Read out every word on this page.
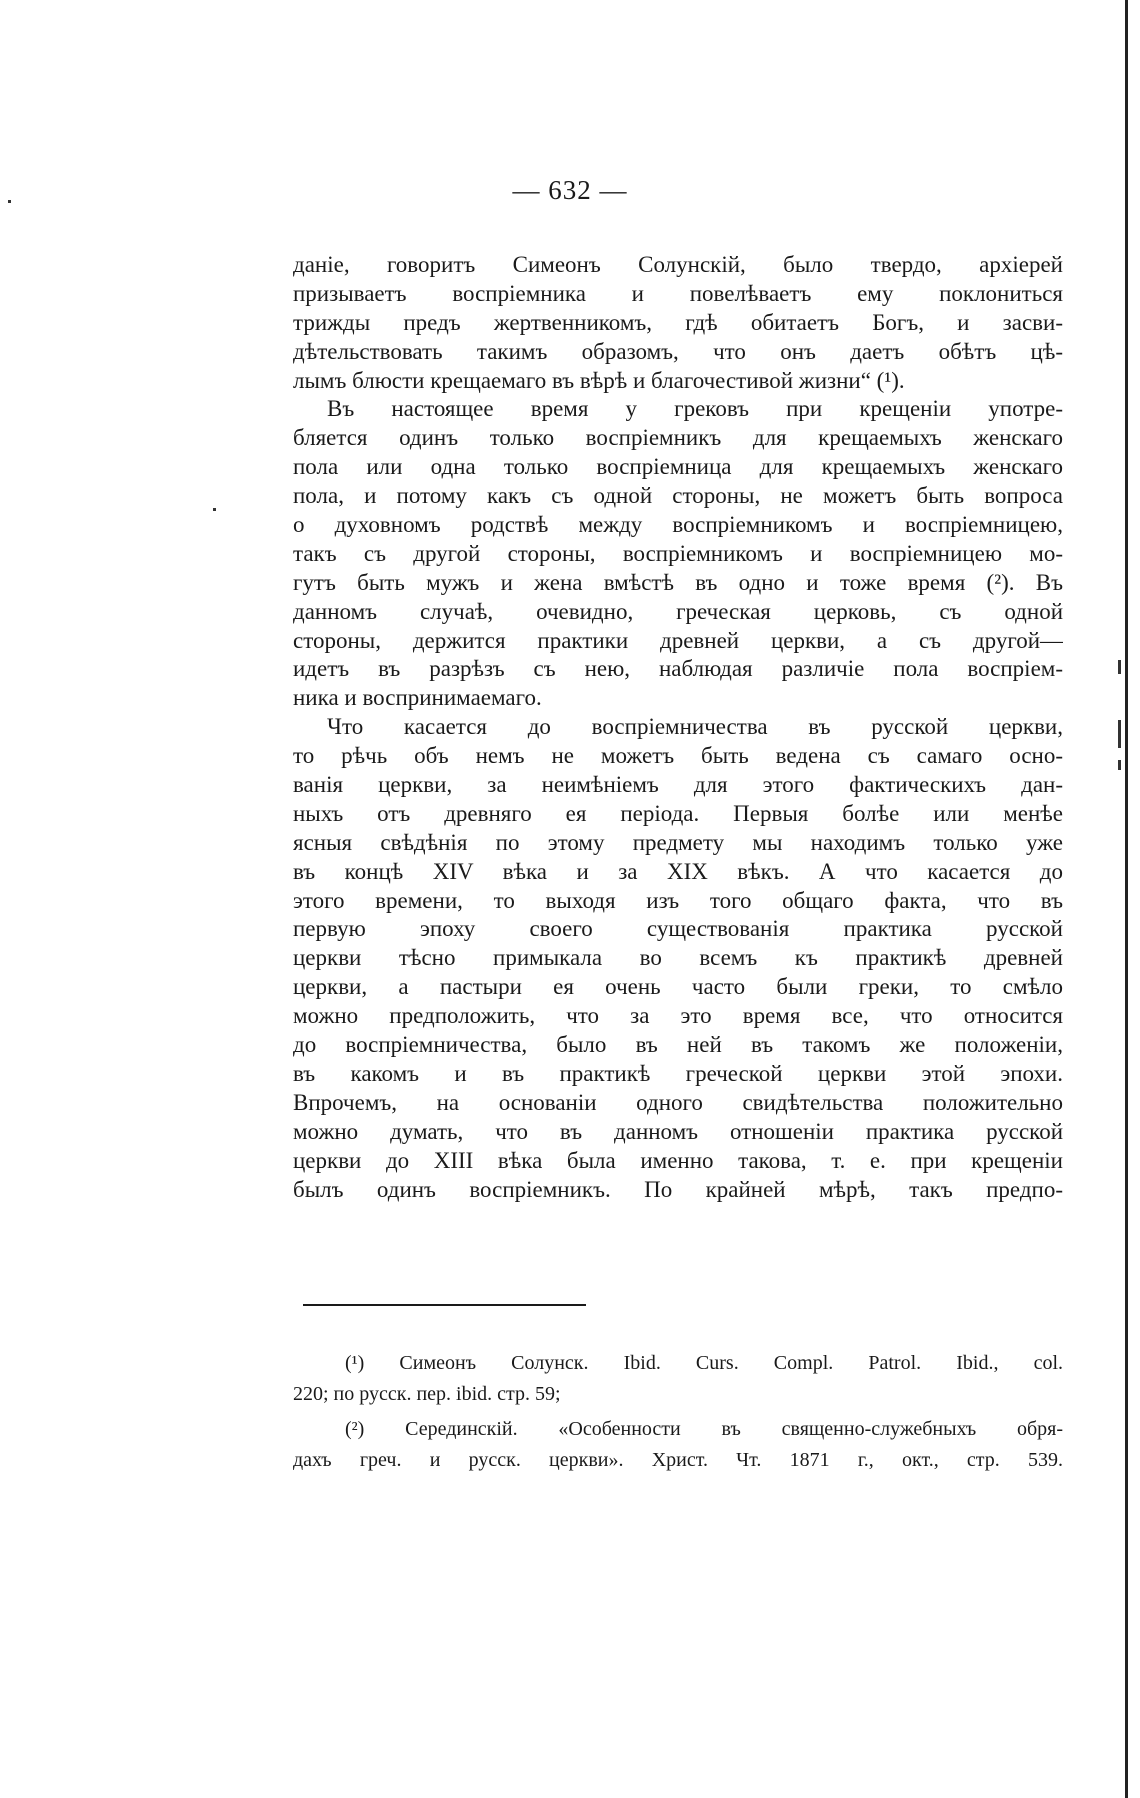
— 632 —
даніе, говоритъ Симеонъ Солунскій, было твердо, архіерей
призываетъ воспріемника и повелѣваетъ ему поклониться
трижды предъ жертвенникомъ, гдѣ обитаетъ Богъ, и засви-
дѣтельствовать такимъ образомъ, что онъ даетъ обѣтъ цѣ-
лымъ блюсти крещаемаго въ вѣрѣ и благочестивой жизни“ (¹).
Въ настоящее время у грековъ при крещеніи употре-
бляется одинъ только воспріемникъ для крещаемыхъ женскаго
пола или одна только воспріемница для крещаемыхъ женскаго
пола, и потому какъ съ одной стороны, не можетъ быть вопроса
о духовномъ родствѣ между воспріемникомъ и воспріемницею,
такъ съ другой стороны, воспріемникомъ и воспріемницею мо-
гутъ быть мужъ и жена вмѣстѣ въ одно и тоже время (²). Въ
данномъ случаѣ, очевидно, греческая церковь, съ одной
стороны, держится практики древней церкви, а съ другой—
идетъ въ разрѣзъ съ нею, наблюдая различіе пола воспріем-
ника и воспринимаемаго.
Что касается до воспріемничества въ русской церкви,
то рѣчь объ немъ не можетъ быть ведена съ самаго осно-
ванія церкви, за неимѣніемъ для этого фактическихъ дан-
ныхъ отъ древняго ея періода. Первыя болѣе или менѣе
ясныя свѣдѣнія по этому предмету мы находимъ только уже
въ концѣ XIV вѣка и за XIX вѣкъ. А что касается до
этого времени, то выходя изъ того общаго факта, что въ
первую эпоху своего существованія практика русской
церкви тѣсно примыкала во всемъ къ практикѣ древней
церкви, а пастыри ея очень часто были греки, то смѣло
можно предположить, что за это время все, что относится
до воспріемничества, было въ ней въ такомъ же положеніи,
въ какомъ и въ практикѣ греческой церкви этой эпохи.
Впрочемъ, на основаніи одного свидѣтельства положительно
можно думать, что въ данномъ отношеніи практика русской
церкви до XIII вѣка была именно такова, т. е. при крещеніи
былъ одинъ воспріемникъ. По крайней мѣрѣ, такъ предпо-
(¹) Симеонъ Солунск. Ibid. Curs. Compl. Patrol. Ibid., col.
220; по русск. пер. ibid. стр. 59;
(²) Серединскій. «Особенности въ священно-служебныхъ обря-
дахъ греч. и русск. церкви». Христ. Чт. 1871 г., окт., стр. 539.
